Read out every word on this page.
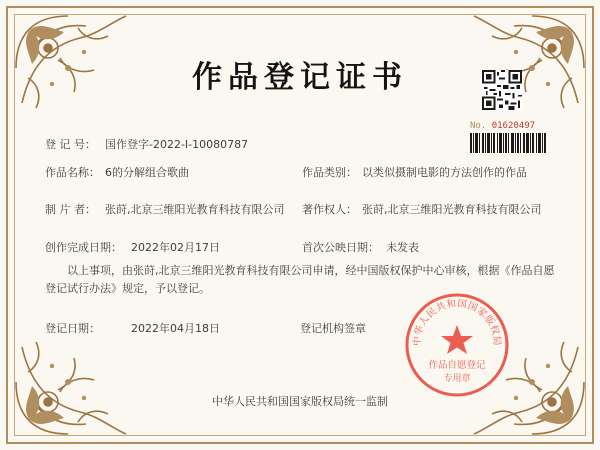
作品登记证书
No. 01620497
登 记 号： 国作登字-2022-I-10080787
作品名称： 6的分解组合歌曲	作品类别： 以类似摄制电影的方法创作的作品
制 片 者： 张莳,北京三维阳光教育科技有限公司 著作权人： 张莳,北京三维阳光教育科技有限公司
创作完成日期： 2022年02月17日	首次公映日期： 未发表
以上事项，由张莳,北京三维阳光教育科技有限公司申请，经中国版权保护中心审核，根据《作品自愿登记试行办法》规定，予以登记。
登记日期：	2022年04月18日	登记机构签章
中华人民共和国国家版权局
作品自愿登记
专用章
中华人民共和国国家版权局统一监制
